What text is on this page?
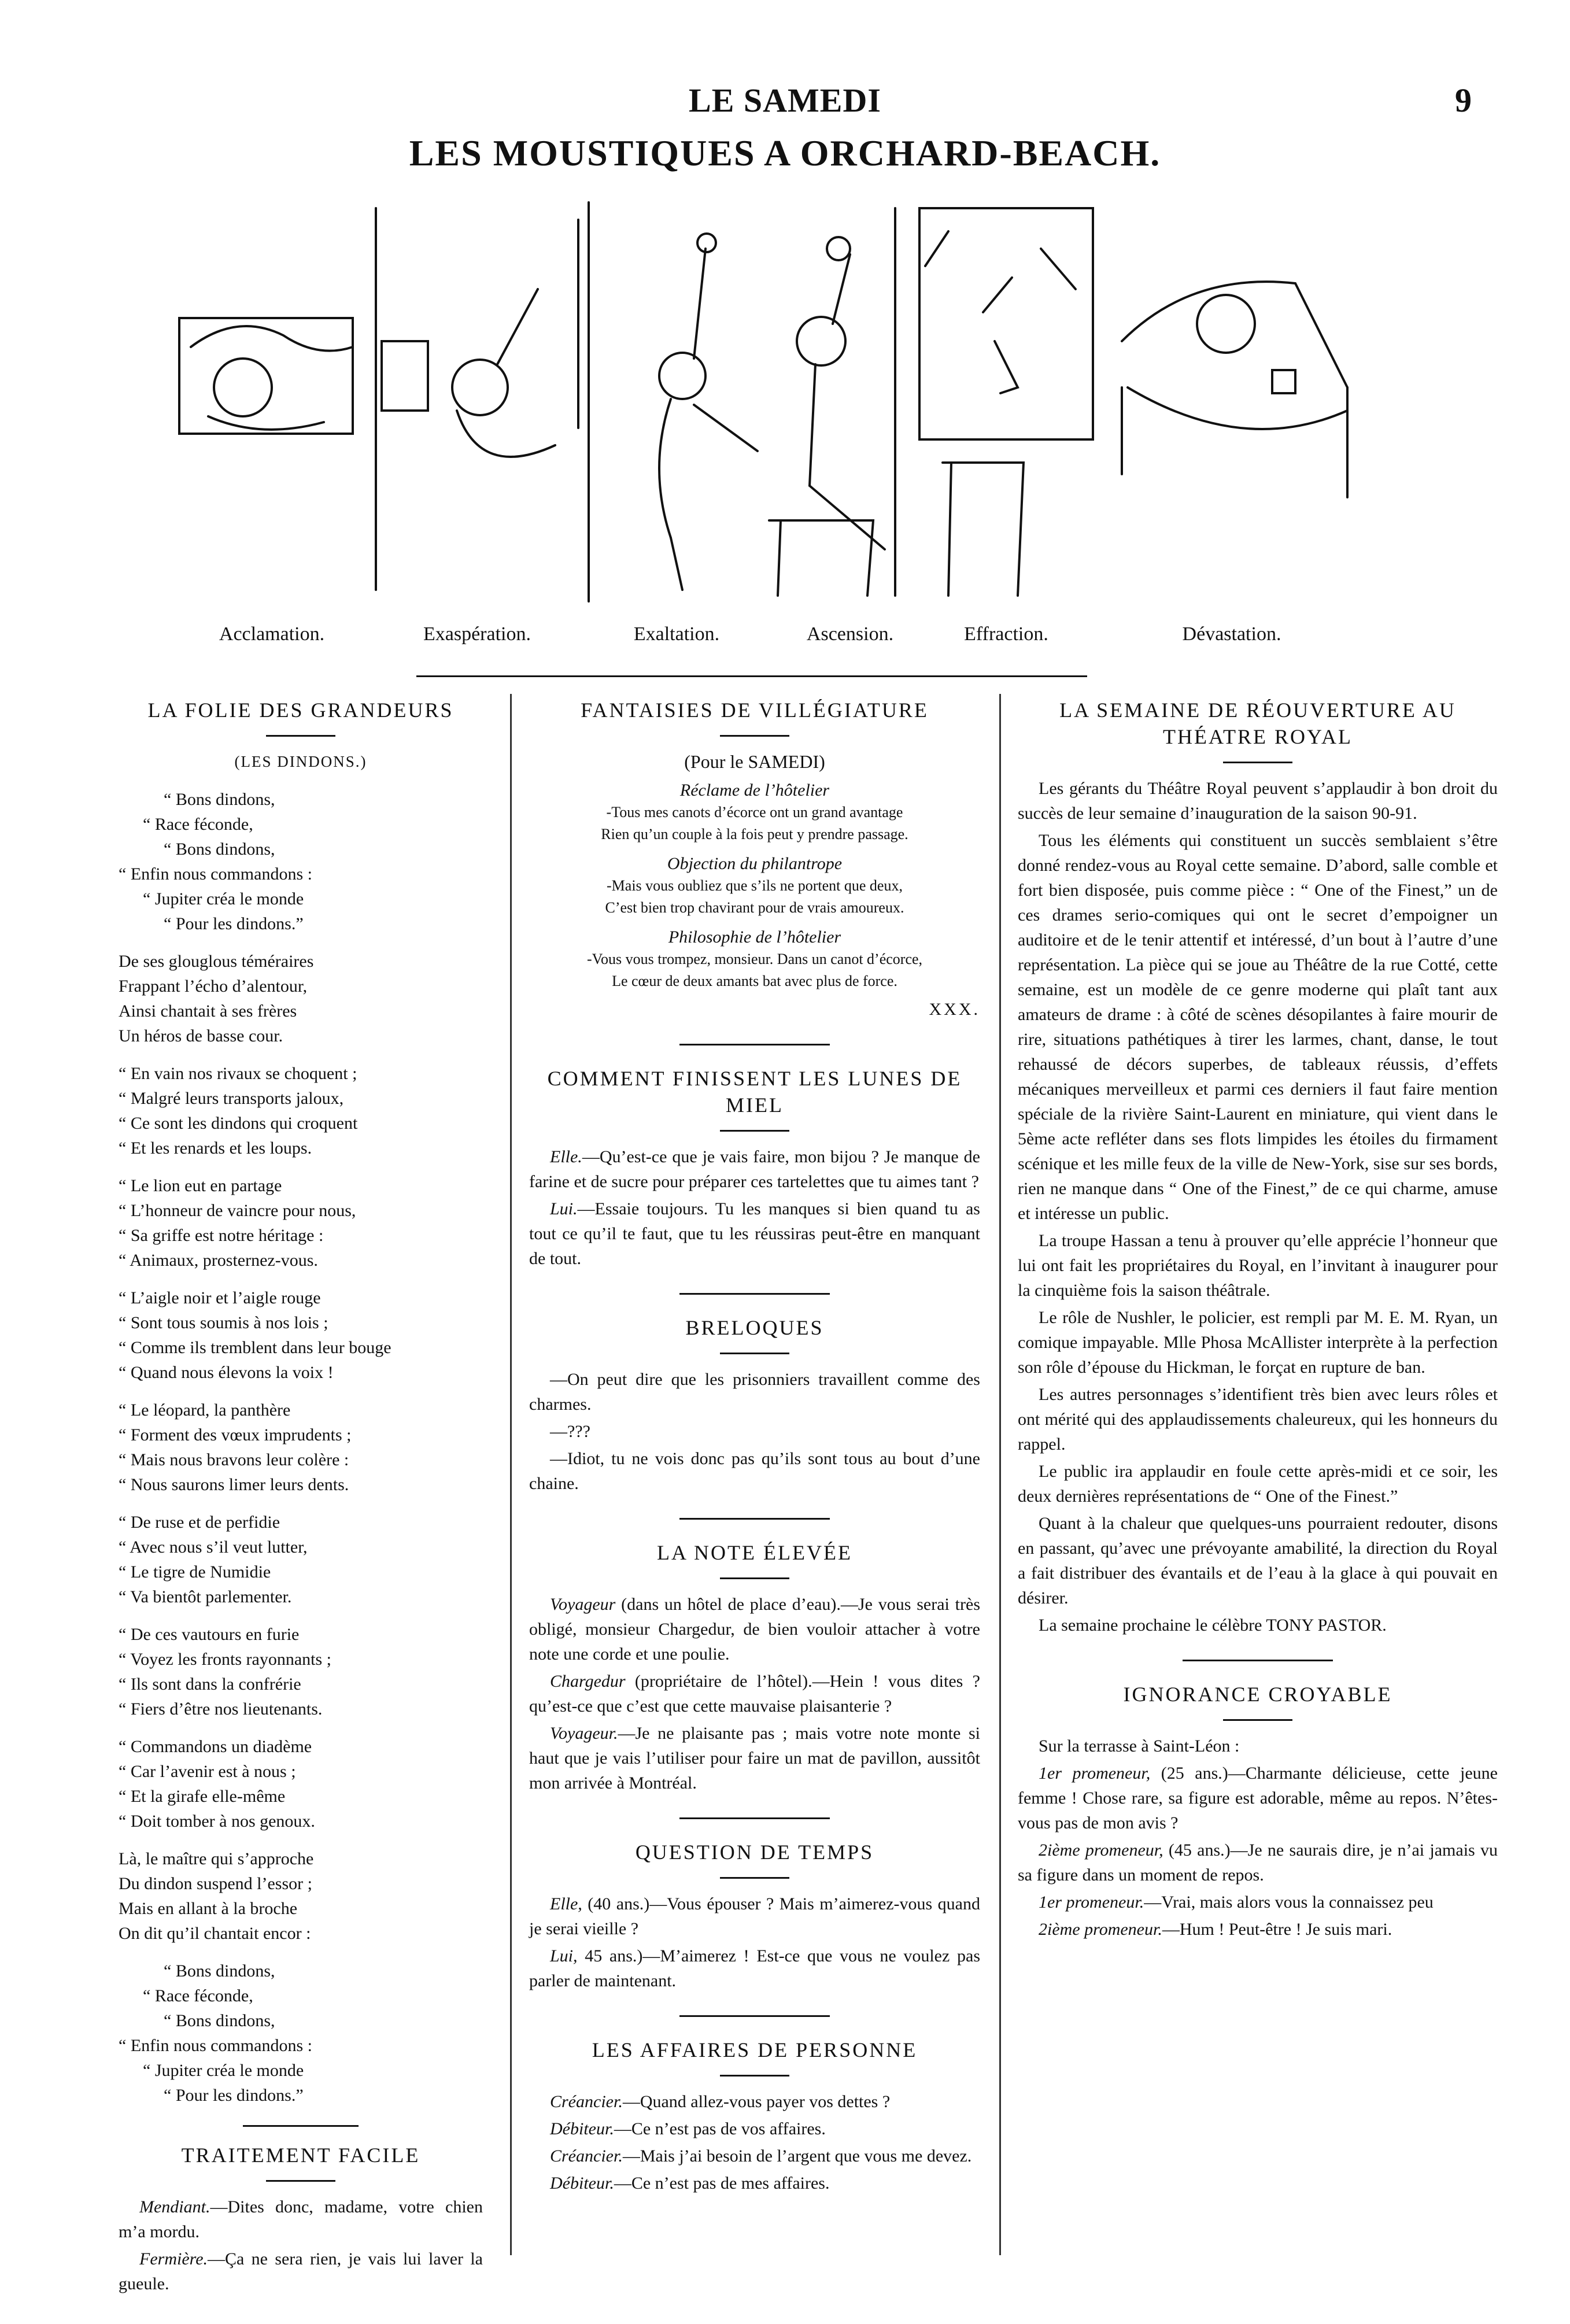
LE SAMEDI	9
LES MOUSTIQUES A ORCHARD-BEACH.
Acclamation.	Exaspération.	Exaltation.	Ascension.	Effraction.	Dévastation.
LA FOLIE DES GRANDEURS
(LES DINDONS.)
“ Bons dindons,
“ Race féconde,
“ Bons dindons,
“ Enfin nous commandons :
“ Jupiter créa le monde
“ Pour les dindons.”
De ses glouglous téméraires
Frappant l’écho d’alentour,
Ainsi chantait à ses frères
Un héros de basse cour.
“ En vain nos rivaux se choquent ;
“ Malgré leurs transports jaloux,
“ Ce sont les dindons qui croquent
“ Et les renards et les loups.
“ Le lion eut en partage
“ L’honneur de vaincre pour nous,
“ Sa griffe est notre héritage :
“ Animaux, prosternez-vous.
“ L’aigle noir et l’aigle rouge
“ Sont tous soumis à nos lois ;
“ Comme ils tremblent dans leur bouge
“ Quand nous élevons la voix !
“ Le léopard, la panthère
“ Forment des vœux imprudents ;
“ Mais nous bravons leur colère :
“ Nous saurons limer leurs dents.
“ De ruse et de perfidie
“ Avec nous s’il veut lutter,
“ Le tigre de Numidie
“ Va bientôt parlementer.
“ De ces vautours en furie
“ Voyez les fronts rayonnants ;
“ Ils sont dans la confrérie
“ Fiers d’être nos lieutenants.
“ Commandons un diadème
“ Car l’avenir est à nous ;
“ Et la girafe elle-même
“ Doit tomber à nos genoux.
Là, le maître qui s’approche
Du dindon suspend l’essor ;
Mais en allant à la broche
On dit qu’il chantait encor :
“ Bons dindons,
“ Race féconde,
“ Bons dindons,
“ Enfin nous commandons :
“ Jupiter créa le monde
“ Pour les dindons.”
TRAITEMENT FACILE

Mendiant.—Dites donc, madame, votre chien m’a mordu.

Fermière.—Ça ne sera rien, je vais lui laver la gueule.

FANTAISIES DE VILLÉGIATURE
(Pour le SAMEDI)
Réclame de l’hôtelier

-Tous mes canots d’écorce ont un grand avantage

Rien qu’un couple à la fois peut y prendre passage.

Objection du philantrope

-Mais vous oubliez que s’ils ne portent que deux,

C’est bien trop chavirant pour de vrais amoureux.

Philosophie de l’hôtelier

-Vous vous trompez, monsieur. Dans un canot d’écorce,

Le cœur de deux amants bat avec plus de force.

XXX.
COMMENT FINISSENT LES LUNES DE MIEL

Elle.—Qu’est-ce que je vais faire, mon bijou ? Je manque de farine et de sucre pour préparer ces tartelettes que tu aimes tant ?

Lui.—Essaie toujours. Tu les manques si bien quand tu as tout ce qu’il te faut, que tu les réussiras peut-être en manquant de tout.

BRELOQUES

—On peut dire que les prisonniers travaillent comme des charmes.

—???

—Idiot, tu ne vois donc pas qu’ils sont tous au bout d’une chaine.

LA NOTE ÉLEVÉE

Voyageur (dans un hôtel de place d’eau).—Je vous serai très obligé, monsieur Chargedur, de bien vouloir attacher à votre note une corde et une poulie.

Chargedur (propriétaire de l’hôtel).—Hein ! vous dites ? qu’est-ce que c’est que cette mauvaise plaisanterie ?

Voyageur.—Je ne plaisante pas ; mais votre note monte si haut que je vais l’utiliser pour faire un mat de pavillon, aussitôt mon arrivée à Montréal.

QUESTION DE TEMPS

Elle, (40 ans.)—Vous épouser ? Mais m’aimerez-vous quand je serai vieille ?

Lui, 45 ans.)—M’aimerez ! Est-ce que vous ne voulez pas parler de maintenant.

LES AFFAIRES DE PERSONNE

Créancier.—Quand allez-vous payer vos dettes ?

Débiteur.—Ce n’est pas de vos affaires.

Créancier.—Mais j’ai besoin de l’argent que vous me devez.

Débiteur.—Ce n’est pas de mes affaires.

LA SEMAINE DE RÉOUVERTURE AU THÉATRE ROYAL

Les gérants du Théâtre Royal peuvent s’applaudir à bon droit du succès de leur semaine d’inauguration de la saison 90-91.

Tous les éléments qui constituent un succès semblaient s’être donné rendez-vous au Royal cette semaine. D’abord, salle comble et fort bien disposée, puis comme pièce : “ One of the Finest,” un de ces drames serio-comiques qui ont le secret d’empoigner un auditoire et de le tenir attentif et intéressé, d’un bout à l’autre d’une représentation. La pièce qui se joue au Théâtre de la rue Cotté, cette semaine, est un modèle de ce genre moderne qui plaît tant aux amateurs de drame : à côté de scènes désopilantes à faire mourir de rire, situations pathétiques à tirer les larmes, chant, danse, le tout rehaussé de décors superbes, de tableaux réussis, d’effets mécaniques merveilleux et parmi ces derniers il faut faire mention spéciale de la rivière Saint-Laurent en miniature, qui vient dans le 5ème acte refléter dans ses flots limpides les étoiles du firmament scénique et les mille feux de la ville de New-York, sise sur ses bords, rien ne manque dans “ One of the Finest,” de ce qui charme, amuse et intéresse un public.

La troupe Hassan a tenu à prouver qu’elle apprécie l’honneur que lui ont fait les propriétaires du Royal, en l’invitant à inaugurer pour la cinquième fois la saison théâtrale.

Le rôle de Nushler, le policier, est rempli par M. E. M. Ryan, un comique impayable. Mlle Phosa McAllister interprète à la perfection son rôle d’épouse du Hickman, le forçat en rupture de ban.

Les autres personnages s’identifient très bien avec leurs rôles et ont mérité qui des applaudissements chaleureux, qui les honneurs du rappel.

Le public ira applaudir en foule cette après-midi et ce soir, les deux dernières représentations de “ One of the Finest.”

Quant à la chaleur que quelques-uns pourraient redouter, disons en passant, qu’avec une prévoyante amabilité, la direction du Royal a fait distribuer des évantails et de l’eau à la glace à qui pouvait en désirer.

La semaine prochaine le célèbre TONY PASTOR.

IGNORANCE CROYABLE

Sur la terrasse à Saint-Léon :

1er promeneur, (25 ans.)—Charmante délicieuse, cette jeune femme ! Chose rare, sa figure est adorable, même au repos. N’êtes-vous pas de mon avis ?

2ième promeneur, (45 ans.)—Je ne saurais dire, je n’ai jamais vu sa figure dans un moment de repos.

1er promeneur.—Vrai, mais alors vous la connaissez peu

2ième promeneur.—Hum ! Peut-être ! Je suis mari.
